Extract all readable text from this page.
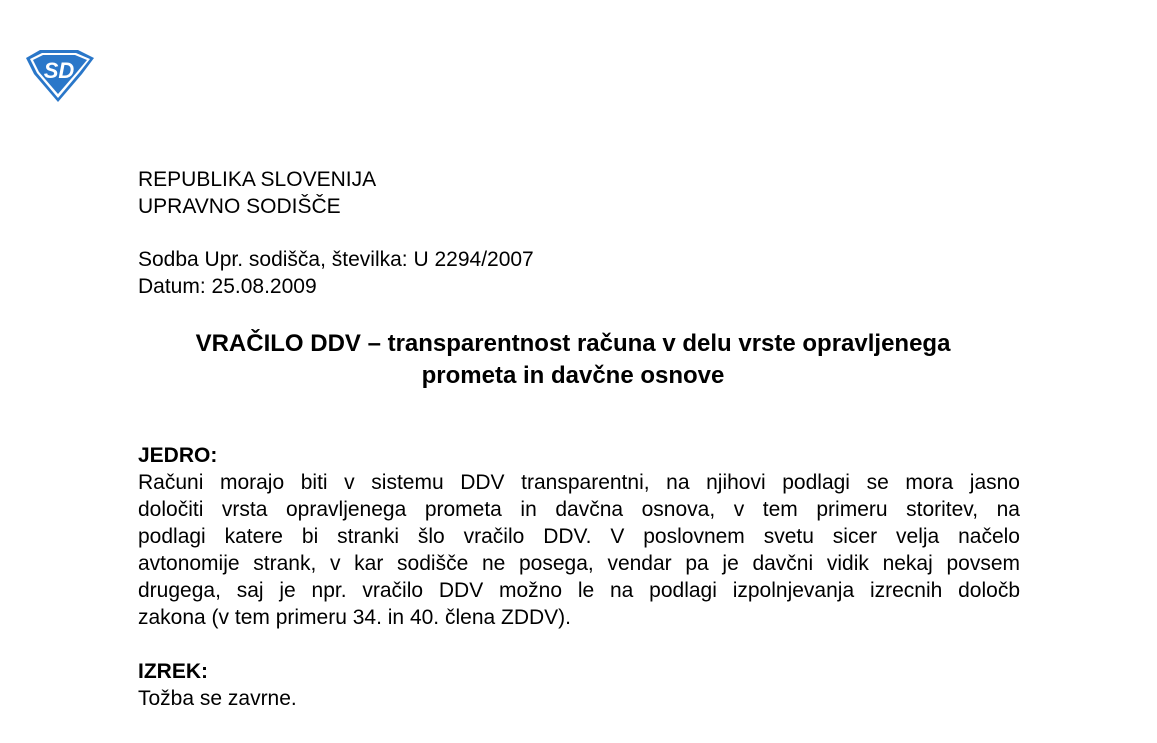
SD
REPUBLIKA SLOVENIJA
UPRAVNO SODIŠČE
Sodba Upr. sodišča, številka: U 2294/2007
Datum: 25.08.2009
VRAČILO DDV – transparentnost računa v delu vrste opravljenega
prometa in davčne osnove
JEDRO:
Računi morajo biti v sistemu DDV transparentni, na njihovi podlagi se mora jasno
določiti vrsta opravljenega prometa in davčna osnova, v tem primeru storitev, na
podlagi katere bi stranki šlo vračilo DDV. V poslovnem svetu sicer velja načelo
avtonomije strank, v kar sodišče ne posega, vendar pa je davčni vidik nekaj povsem
drugega, saj je npr. vračilo DDV možno le na podlagi izpolnjevanja izrecnih določb
zakona (v tem primeru 34. in 40. člena ZDDV).
IZREK:
Tožba se zavrne.
